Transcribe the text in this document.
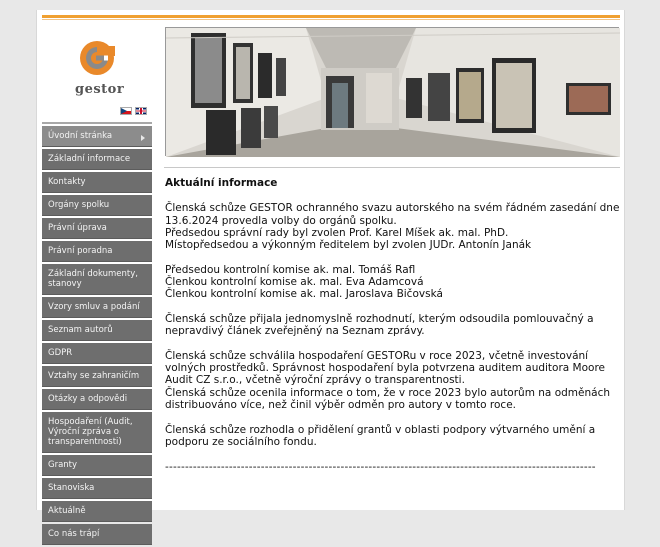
gestor
Úvodní stránka
Základní informace
Kontakty
Orgány spolku
Právní úprava
Právní poradna
Základní dokumenty, stanovy
Vzory smluv a podání
Seznam autorů
GDPR
Vztahy se zahraničím
Otázky a odpovědi
Hospodaření (Audit, Výroční zpráva o transparentnosti)
Granty
Stanoviska
Aktuálně
Co nás trápí
Aktuální informace

Členská schůze GESTOR ochranného svazu autorského na svém řádném zasedání dne 13.6.2024 provedla volby do orgánů spolku.
Předsedou správní rady byl zvolen Prof. Karel Míšek ak. mal. PhD.
Místopředsedou a výkonným ředitelem byl zvolen JUDr. Antonín Janák

Předsedou kontrolní komise ak. mal. Tomáš Rafl
Členkou kontrolní komise ak. mal. Eva Adamcová
Členkou kontrolní komise ak. mal. Jaroslava Bičovská

Členská schůze přijala jednomyslně rozhodnutí, kterým odsoudila pomlouvačný a nepravdivý článek zveřejněný na Seznam zprávy.

Členská schůze schválila hospodaření GESTORu v roce 2023, včetně investování volných prostředků. Správnost hospodaření byla potvrzena auditem auditora Moore Audit CZ s.r.o., včetně výroční zprávy o transparentnosti.
Členská schůze ocenila informace o tom, že v roce 2023 bylo autorům na odměnách distribuováno více, než činil výběr odměn pro autory v tomto roce.

Členská schůze rozhodla o přidělení grantů v oblasti podpory výtvarného umění a podporu ze sociálního fondu.

------------------------------------------------------------------------------------------------------------
